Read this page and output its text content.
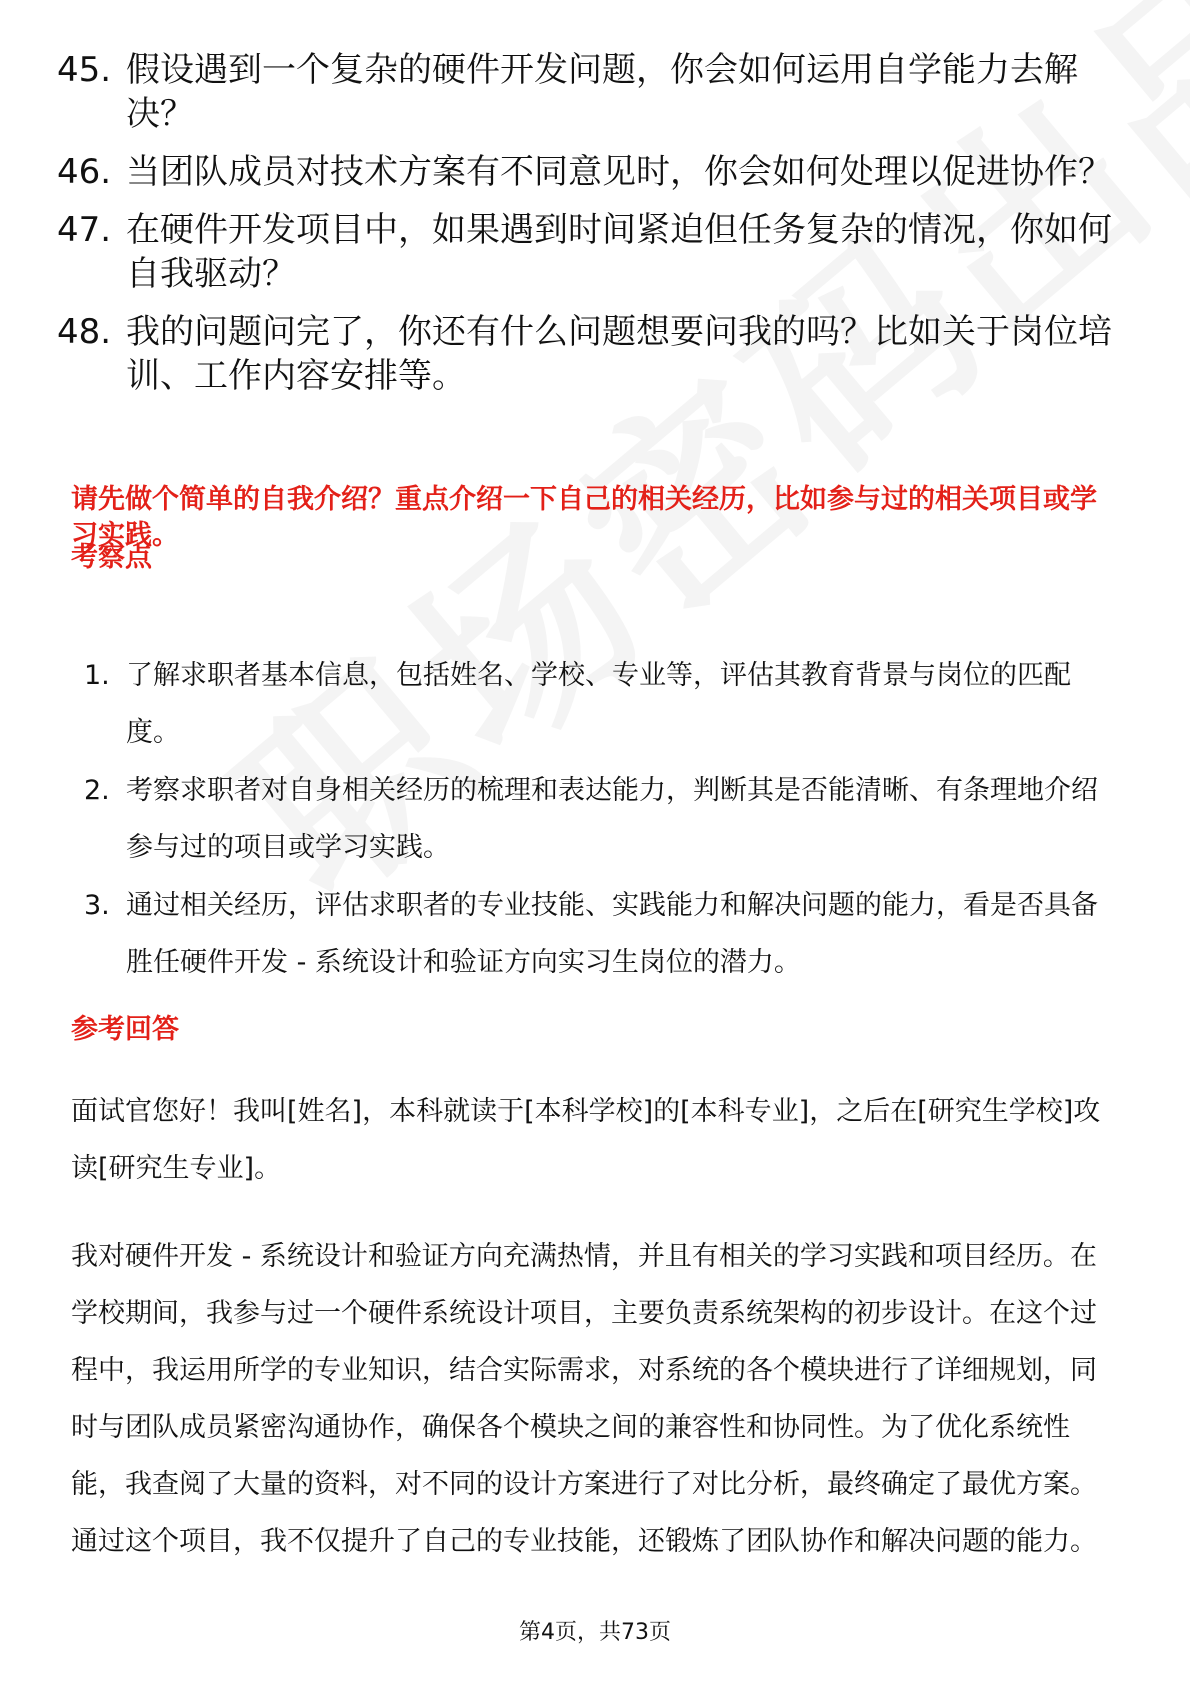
45. 假设遇到一个复杂的硬件开发问题，你会如何运用自学能力去解决？
46. 当团队成员对技术方案有不同意见时，你会如何处理以促进协作？
47. 在硬件开发项目中，如果遇到时间紧迫但任务复杂的情况，你如何自我驱动？
48. 我的问题问完了，你还有什么问题想要问我的吗？比如关于岗位培训、工作内容安排等。

请先做个简单的自我介绍？重点介绍一下自己的相关经历，比如参与过的相关项目或学习实践。

考察点
1. 了解求职者基本信息，包括姓名、学校、专业等，评估其教育背景与岗位的匹配度。
2. 考察求职者对自身相关经历的梳理和表达能力，判断其是否能清晰、有条理地介绍参与过的项目或学习实践。
3. 通过相关经历，评估求职者的专业技能、实践能力和解决问题的能力，看是否具备胜任硬件开发 - 系统设计和验证方向实习生岗位的潜力。
参考回答

面试官您好！我叫[姓名]，本科就读于[本科学校]的[本科专业]，之后在[研究生学校]攻读[研究生专业]。

我对硬件开发 - 系统设计和验证方向充满热情，并且有相关的学习实践和项目经历。在学校期间，我参与过一个硬件系统设计项目，主要负责系统架构的初步设计。在这个过程中，我运用所学的专业知识，结合实际需求，对系统的各个模块进行了详细规划，同时与团队成员紧密沟通协作，确保各个模块之间的兼容性和协同性。为了优化系统性能，我查阅了大量的资料，对不同的设计方案进行了对比分析，最终确定了最优方案。通过这个项目，我不仅提升了自己的专业技能，还锻炼了团队协作和解决问题的能力。

第4页，共73页
